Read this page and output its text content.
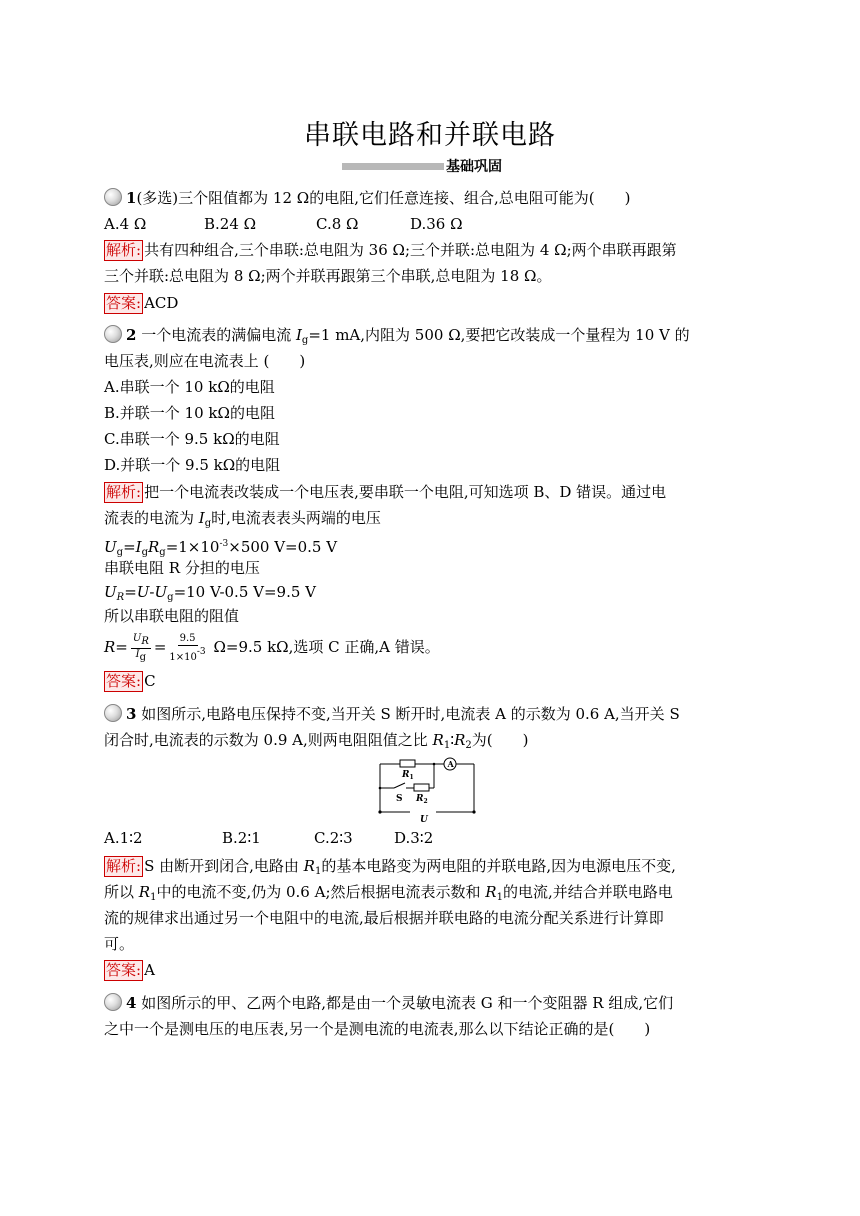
串联电路和并联电路
基础巩固
1(多选)三个阻值都为 12 Ω的电阻,它们任意连接、组合,总电阻可能为(　　)
A.4 Ω	B.24 Ω	C.8 Ω	D.36 Ω
解析: 共有四种组合,三个串联:总电阻为 36 Ω;三个并联:总电阻为 4 Ω;两个串联再跟第
三个并联:总电阻为 8 Ω;两个并联再跟第三个串联,总电阻为 18 Ω。
答案: ACD
2 一个电流表的满偏电流 $I_g=1$ mA,内阻为 500 Ω,要把它改装成一个量程为 10 V 的
电压表,则应在电流表上 (　　)
A.串联一个 10 kΩ的电阻
B.并联一个 10 kΩ的电阻
C.串联一个 9.5 kΩ的电阻
D.并联一个 9.5 kΩ的电阻
解析: 把一个电流表改装成一个电压表,要串联一个电阻,可知选项 B、D 错误。通过电
流表的电流为 $I_g$时,电流表表头两端的电压
$U_g=I_gR_g=1\times 10^{-3}\times 500$ V=0.5 V
串联电阻 R 分担的电压
$U_R=U-U_g=10$ V-0.5 V=9.5 V
所以串联电阻的阻值
$R= \frac{U_R}{I_g} = \frac{9.5}{1\times 10^{-3}} \Omega=9.5$ kΩ,选项 C 正确,A 错误。
答案: C
3 如图所示,电路电压保持不变,当开关 S 断开时,电流表 A 的示数为 0.6 A,当开关 S
闭合时,电流表的示数为 0.9 A,则两电阻阻值之比 $R_1∶R_2$为(　　)
$R_1$
$R_2$
S
U
A
A.1∶2	B.2∶1	C.2∶3	D.3∶2
解析: S 由断开到闭合,电路由 $R_1$的基本电路变为两电阻的并联电路,因为电源电压不变,
所以 $R_1$中的电流不变,仍为 0.6 A;然后根据电流表示数和 $R_1$的电流,并结合并联电路电
流的规律求出通过另一个电阻中的电流,最后根据并联电路的电流分配关系进行计算即
可。
答案: A
4 如图所示的甲、乙两个电路,都是由一个灵敏电流表 G 和一个变阻器 R 组成,它们
之中一个是测电压的电压表,另一个是测电流的电流表,那么以下结论正确的是(　　)
